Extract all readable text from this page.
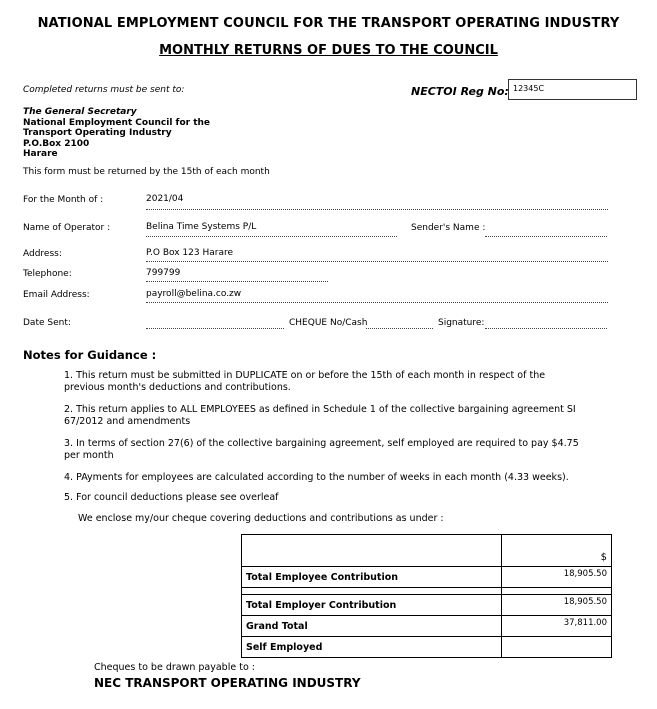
NATIONAL EMPLOYMENT COUNCIL FOR THE TRANSPORT OPERATING INDUSTRY
MONTHLY RETURNS OF DUES TO THE COUNCIL
Completed returns must be sent to:
The General Secretary
National Employment Council for the
Transport Operating Industry
P.O.Box 2100
Harare
NECTOI Reg No: 12345C
This form must be returned by the 15th of each month
For the Month of :	2021/04
Name of Operator :	Belina Time Systems P/L	Sender's Name :
Address:	P.O Box 123 Harare
Telephone:	799799
Email Address:	payroll@belina.co.zw
Date Sent:	CHEQUE No/Cash	Signature:
Notes for Guidance :
1. This return must be submitted in DUPLICATE on or before the 15th of each month in respect of the previous month's deductions and contributions.
2. This return applies to ALL EMPLOYEES as defined in Schedule 1 of the collective bargaining agreement SI 67/2012 and amendments
3. In terms of section 27(6) of the collective bargaining agreement, self employed are required to pay $4.75 per month
4. PAyments for employees are calculated according to the number of weeks in each month (4.33 weeks).
5. For council deductions please see overleaf
We enclose my/our cheque covering deductions and contributions as under :
	$
Total Employee Contribution	18,905.50

Total Employer Contribution	18,905.50
Grand Total	37,811.00
Self Employed	
Cheques to be drawn payable to :
NEC TRANSPORT OPERATING INDUSTRY
